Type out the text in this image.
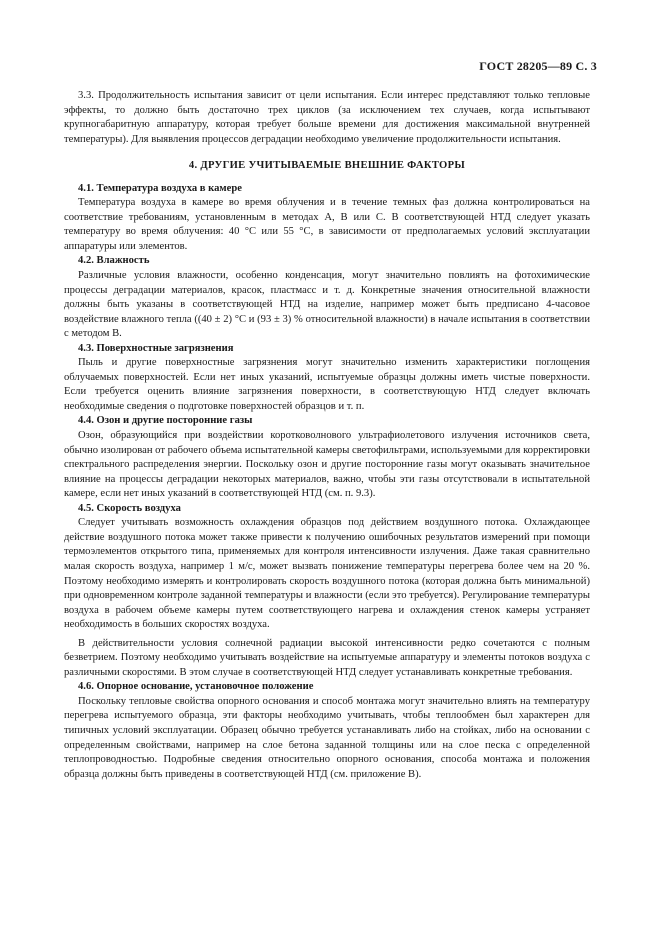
ГОСТ 28205—89 С. 3

3.3. Продолжительность испытания зависит от цели испытания. Если интерес представляют только тепловые эффекты, то должно быть достаточно трех циклов (за исключением тех случаев, когда испытывают крупногабаритную аппаратуру, которая требует больше времени для достижения максимальной внутренней температуры). Для выявления процессов деградации необходимо увеличение продолжительности испытания.

4. ДРУГИЕ УЧИТЫВАЕМЫЕ ВНЕШНИЕ ФАКТОРЫ

4.1. Температура воздуха в камере

Температура воздуха в камере во время облучения и в течение темных фаз должна контролироваться на соответствие требованиям, установленным в методах А, В или С. В соответствующей НТД следует указать температуру во время облучения: 40 °С или 55 °С, в зависимости от предполагаемых условий эксплуатации аппаратуры или элементов.

4.2. Влажность

Различные условия влажности, особенно конденсация, могут значительно повлиять на фотохимические процессы деградации материалов, красок, пластмасс и т. д. Конкретные значения относительной влажности должны быть указаны в соответствующей НТД на изделие, например может быть предписано 4-часовое воздействие влажного тепла ((40 ± 2) °С и (93 ± 3) % относительной влажности) в начале испытания в соответствии с методом В.

4.3. Поверхностные загрязнения

Пыль и другие поверхностные загрязнения могут значительно изменить характеристики поглощения облучаемых поверхностей. Если нет иных указаний, испытуемые образцы должны иметь чистые поверхности. Если требуется оценить влияние загрязнения поверхности, в соответствующую НТД следует включать необходимые сведения о подготовке поверхностей образцов и т. п.

4.4. Озон и другие посторонние газы

Озон, образующийся при воздействии коротковолнового ультрафиолетового излучения источников света, обычно изолирован от рабочего объема испытательной камеры светофильтрами, используемыми для корректировки спектрального распределения энергии. Поскольку озон и другие посторонние газы могут оказывать значительное влияние на процессы деградации некоторых материалов, важно, чтобы эти газы отсутствовали в испытательной камере, если нет иных указаний в соответствующей НТД (см. п. 9.3).

4.5. Скорость воздуха

Следует учитывать возможность охлаждения образцов под действием воздушного потока. Охлаждающее действие воздушного потока может также привести к получению ошибочных результатов измерений при помощи термоэлементов открытого типа, применяемых для контроля интенсивности излучения. Даже такая сравнительно малая скорость воздуха, например 1 м/с, может вызвать понижение температуры перегрева более чем на 20 %. Поэтому необходимо измерять и контролировать скорость воздушного потока (которая должна быть минимальной) при одновременном контроле заданной температуры и влажности (если это требуется). Регулирование температуры воздуха в рабочем объеме камеры путем соответствующего нагрева и охлаждения стенок камеры устраняет необходимость в больших скоростях воздуха.

В действительности условия солнечной радиации высокой интенсивности редко сочетаются с полным безветрием. Поэтому необходимо учитывать воздействие на испытуемые аппаратуру и элементы потоков воздуха с различными скоростями. В этом случае в соответствующей НТД следует устанавливать конкретные требования.

4.6. Опорное основание, установочное положение

Поскольку тепловые свойства опорного основания и способ монтажа могут значительно влиять на температуру перегрева испытуемого образца, эти факторы необходимо учитывать, чтобы теплообмен был характерен для типичных условий эксплуатации. Образец обычно требуется устанавливать либо на стойках, либо на основании с определенным свойствами, например на слое бетона заданной толщины или на слое песка с определенной теплопроводностью. Подробные сведения относительно опорного основания, способа монтажа и положения образца должны быть приведены в соответствующей НТД (см. приложение В).
